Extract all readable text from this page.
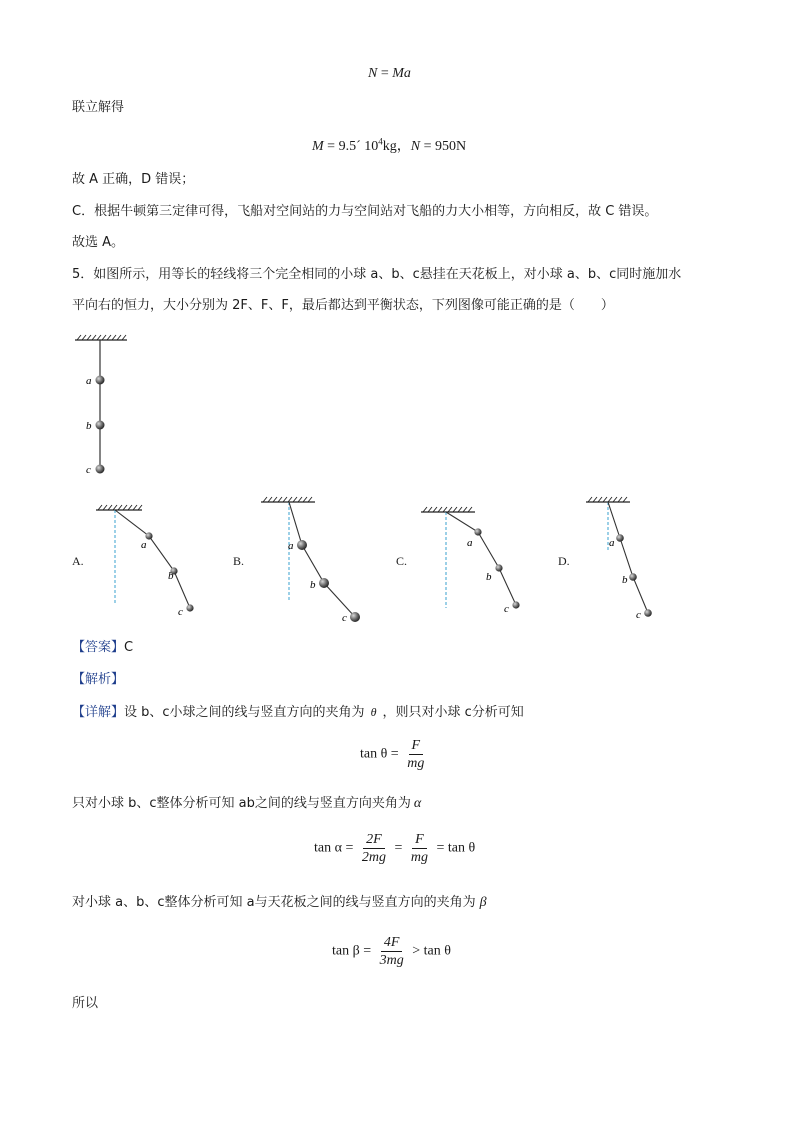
N = Ma
联立解得
M = 9.5´ $10^4kg$，N = 950N
故 A 正确，D 错误；
C．根据牛顿第三定律可得，飞船对空间站的力与空间站对飞船的力大小相等，方向相反，故 C 错误。
故选 A。
5．如图所示，用等长的轻线将三个完全相同的小球 a、b、c悬挂在天花板上，对小球 a、b、c同时施加水
平向右的恒力，大小分别为 2F、F、F，最后都达到平衡状态，下列图像可能正确的是（　　）
a
b
c
A.
a
b
c
B.
a
b
c
C.
a
b
c
D.
a
b
c
【答案】C
【解析】
【详解】设 b、c小球之间的线与竖直方向的夹角为 θ ，则只对小球 c分析可知
$\tan \theta = \frac{F}{mg}$
只对小球 b、c整体分析可知 ab之间的线与竖直方向夹角为 α
$\tan \alpha = \frac{2F}{2mg} = \frac{F}{mg} = \tan \theta$
对小球 a、b、c整体分析可知 a与天花板之间的线与竖直方向的夹角为 β
$\tan \beta = \frac{4F}{3mg} > \tan \theta$
所以
